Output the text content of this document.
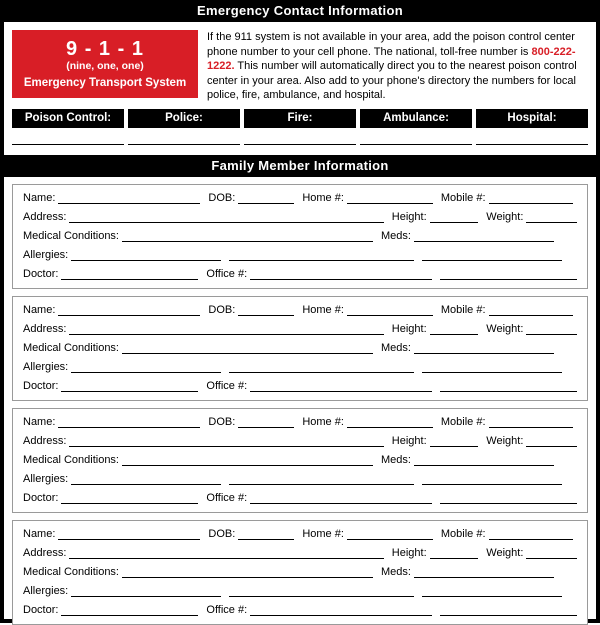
Emergency Contact Information
9 - 1 - 1
(nine, one, one)
Emergency Transport System
If the 911 system is not available in your area, add the poison control center phone number to your cell phone. The national, toll-free number is 800-222-1222. This number will automatically direct you to the nearest poison control center in your area. Also add to your phone's directory the numbers for local police, fire, ambulance, and hospital.
Poison Control:	Police:	Fire:	Ambulance:	Hospital:
Family Member Information
Name:	DOB:	Home #:	Mobile #:
Address:	Height:	Weight:
Medical Conditions:	Meds:
Allergies:
Doctor:	Office #:
Name:	DOB:	Home #:	Mobile #:
Address:	Height:	Weight:
Medical Conditions:	Meds:
Allergies:
Doctor:	Office #:
Name:	DOB:	Home #:	Mobile #:
Address:	Height:	Weight:
Medical Conditions:	Meds:
Allergies:
Doctor:	Office #:
Name:	DOB:	Home #:	Mobile #:
Address:	Height:	Weight:
Medical Conditions:	Meds:
Allergies:
Doctor:	Office #:
